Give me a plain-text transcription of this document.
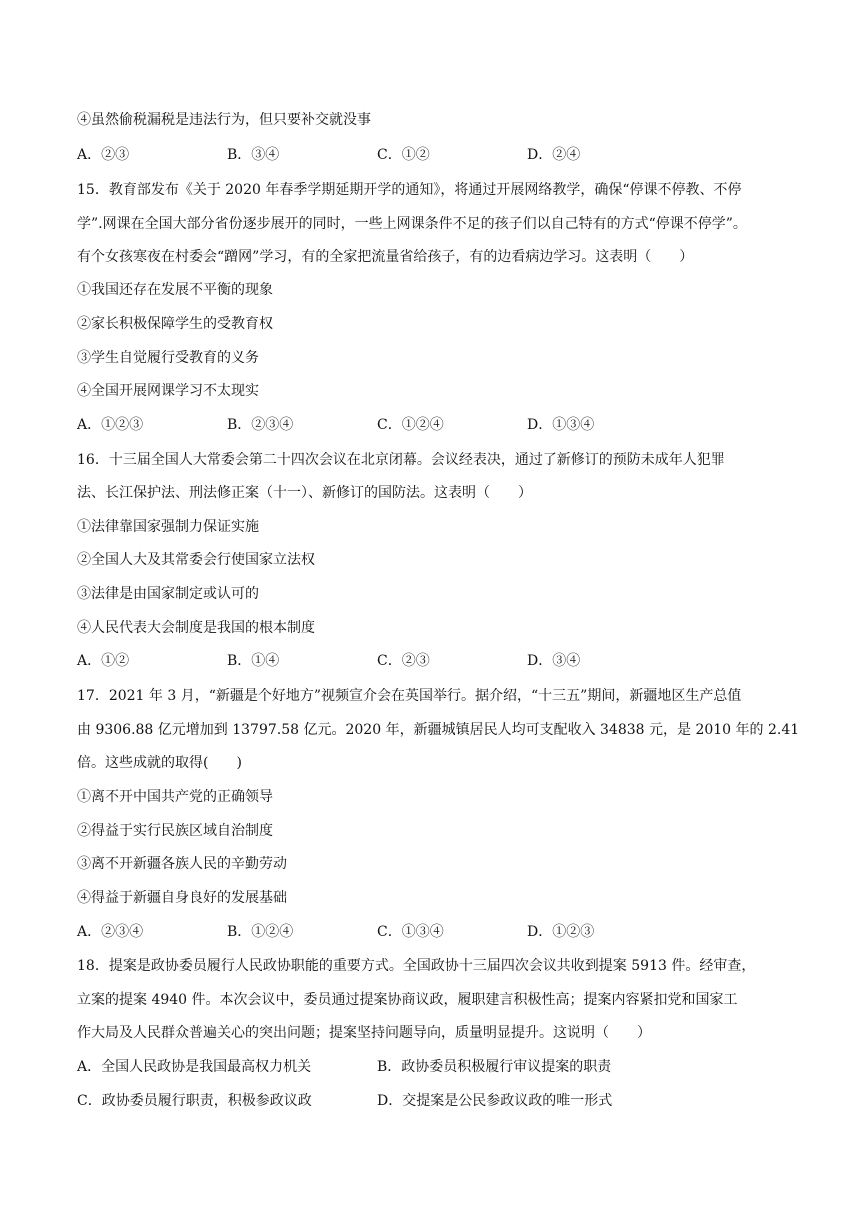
④虽然偷税漏税是违法行为，但只要补交就没事
A．②③	B．③④	C．①②	D．②④
15．教育部发布《关于 2020 年春季学期延期开学的通知》，将通过开展网络教学，确保“停课不停教、不停
学”.网课在全国大部分省份逐步展开的同时，一些上网课条件不足的孩子们以自己特有的方式“停课不停学”。
有个女孩寒夜在村委会“蹭网”学习，有的全家把流量省给孩子，有的边看病边学习。这表明（　　）
①我国还存在发展不平衡的现象
②家长积极保障学生的受教育权
③学生自觉履行受教育的义务
④全国开展网课学习不太现实
A．①②③	B．②③④	C．①②④	D．①③④
16．十三届全国人大常委会第二十四次会议在北京闭幕。会议经表决，通过了新修订的预防未成年人犯罪
法、长江保护法、刑法修正案（十一）、新修订的国防法。这表明（　　）
①法律靠国家强制力保证实施
②全国人大及其常委会行使国家立法权
③法律是由国家制定或认可的
④人民代表大会制度是我国的根本制度
A．①②	B．①④	C．②③	D．③④
17．2021 年 3 月，“新疆是个好地方”视频宣介会在英国举行。据介绍，“十三五”期间，新疆地区生产总值
由 9306.88 亿元增加到 13797.58 亿元。2020 年，新疆城镇居民人均可支配收入 34838 元，是 2010 年的 2.41
倍。这些成就的取得(　　)
①离不开中国共产党的正确领导
②得益于实行民族区域自治制度
③离不开新疆各族人民的辛勤劳动
④得益于新疆自身良好的发展基础
A．②③④	B．①②④	C．①③④	D．①②③
18．提案是政协委员履行人民政协职能的重要方式。全国政协十三届四次会议共收到提案 5913 件。经审查，
立案的提案 4940 件。本次会议中，委员通过提案协商议政，履职建言积极性高；提案内容紧扣党和国家工
作大局及人民群众普遍关心的突出问题；提案坚持问题导向，质量明显提升。这说明（　　）
A．全国人民政协是我国最高权力机关	B．政协委员积极履行审议提案的职责
C．政协委员履行职责，积极参政议政	D．交提案是公民参政议政的唯一形式
